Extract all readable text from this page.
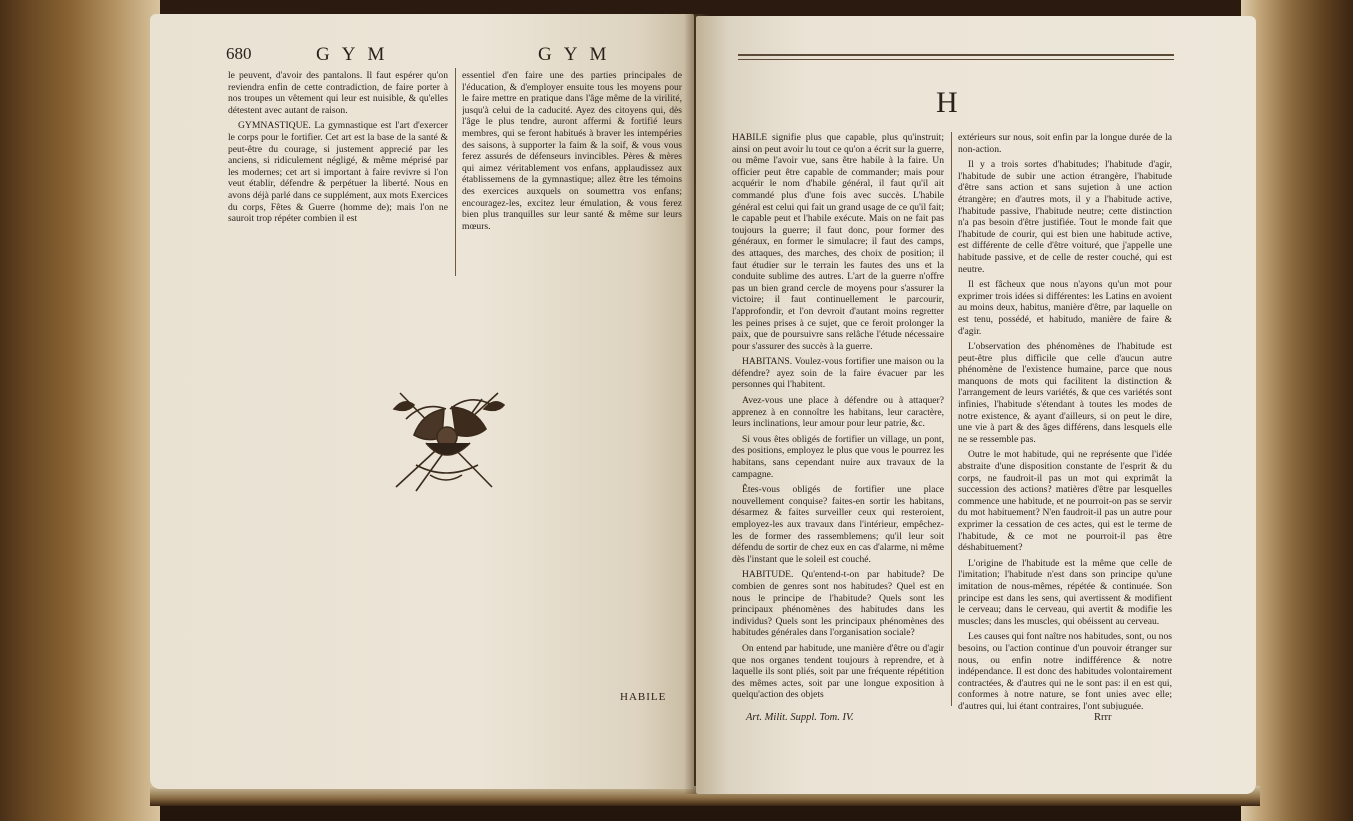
680	G Y M	G Y M

le peuvent, d'avoir des pantalons. Il faut espérer qu'on reviendra enfin de cette contradiction, de faire porter à nos troupes un vêtement qui leur est nuisible, & qu'elles détestent avec autant de raison.

GYMNASTIQUE. La gymnastique est l'art d'exercer le corps pour le fortifier. Cet art est la base de la santé & peut-être du courage, si justement apprecié par les anciens, si ridiculement négligé, & même méprisé par les modernes; cet art si important à faire revivre si l'on veut établir, défendre & perpétuer la liberté. Nous en avons déjà parlé dans ce supplément, aux mots Exercices du corps, Fêtes & Guerre (homme de); mais l'on ne sauroit trop répéter combien il est

essentiel d'en faire une des parties principales de l'éducation, & d'employer ensuite tous les moyens pour le faire mettre en pratique dans l'âge même de la virilité, jusqu'à celui de la caducité. Ayez des citoyens qui, dès l'âge le plus tendre, auront affermi & fortifié leurs membres, qui se feront habitués à braver les intempéries des saisons, à supporter la faim & la soif, & vous vous ferez assurés de défenseurs invincibles. Pères & mères qui aimez véritablement vos enfans, applaudissez aux établissemens de la gymnastique; allez être les témoins des exercices auxquels on soumettra vos enfans; encouragez-les, excitez leur émulation, & vous ferez bien plus tranquilles sur leur santé & même sur leurs mœurs.

HABILE
H

HABILE signifie plus que capable, plus qu'instruit; ainsi on peut avoir lu tout ce qu'on a écrit sur la guerre, ou même l'avoir vue, sans être habile à la faire. Un officier peut être capable de commander; mais pour acquérir le nom d'habile général, il faut qu'il ait commandé plus d'une fois avec succès. L'habile général est celui qui fait un grand usage de ce qu'il fait; le capable peut et l'habile exécute. Mais on ne fait pas toujours la guerre; il faut donc, pour former des généraux, en former le simulacre; il faut des camps, des attaques, des marches, des choix de position; il faut étudier sur le terrain les fautes des uns et la conduite sublime des autres. L'art de la guerre n'offre pas un bien grand cercle de moyens pour s'assurer la victoire; il faut continuellement le parcourir, l'approfondir, et l'on devroit d'autant moins regretter les peines prises à ce sujet, que ce feroit prolonger la paix, que de poursuivre sans relâche l'étude nécessaire pour s'assurer des succès à la guerre.

HABITANS. Voulez-vous fortifier une maison ou la défendre? ayez soin de la faire évacuer par les personnes qui l'habitent.

Avez-vous une place à défendre ou à attaquer? apprenez à en connoître les habitans, leur caractère, leurs inclinations, leur amour pour leur patrie, &c.

Si vous êtes obligés de fortifier un village, un pont, des positions, employez le plus que vous le pourrez les habitans, sans cependant nuire aux travaux de la campagne.

Êtes-vous obligés de fortifier une place nouvellement conquise? faites-en sortir les habitans, désarmez & faites surveiller ceux qui resteroient, employez-les aux travaux dans l'intérieur, empêchez-les de former des rassemblemens; qu'il leur soit défendu de sortir de chez eux en cas d'alarme, ni même dès l'instant que le soleil est couché.

HABITUDE. Qu'entend-t-on par habitude? De combien de genres sont nos habitudes? Quel est en nous le principe de l'habitude? Quels sont les principaux phénomènes des habitudes dans les individus? Quels sont les principaux phénomènes des habitudes générales dans l'organisation sociale?

On entend par habitude, une manière d'être ou d'agir que nos organes tendent toujours à reprendre, et à laquelle ils sont pliés, soit par une fréquente répétition des mêmes actes, soit par une longue exposition à quelqu'action des objets

extérieurs sur nous, soit enfin par la longue durée de la non-action.

Il y a trois sortes d'habitudes; l'habitude d'agir, l'habitude de subir une action étrangère, l'habitude d'être sans action et sans sujetion à une action étrangère; en d'autres mots, il y a l'habitude active, l'habitude passive, l'habitude neutre; cette distinction n'a pas besoin d'être justifiée. Tout le monde fait que l'habitude de courir, qui est bien une habitude active, est différente de celle d'être voituré, que j'appelle une habitude passive, et de celle de rester couché, qui est neutre.

Il est fâcheux que nous n'ayons qu'un mot pour exprimer trois idées si différentes: les Latins en avoient au moins deux, habitus, manière d'être, par laquelle on est tenu, possédé, et habitudo, manière de faire & d'agir.

L'observation des phénomènes de l'habitude est peut-être plus difficile que celle d'aucun autre phénomène de l'existence humaine, parce que nous manquons de mots qui facilitent la distinction & l'arrangement de leurs variétés, & que ces variétés sont infinies, l'habitude s'étendant à toutes les modes de notre existence, & ayant d'ailleurs, si on peut le dire, une vie à part & des âges différens, dans lesquels elle ne se ressemble pas.

Outre le mot habitude, qui ne représente que l'idée abstraite d'une disposition constante de l'esprit & du corps, ne faudroit-il pas un mot qui exprimât la succession des actions? matières d'être par lesquelles commence une habitude, et ne pourroit-on pas se servir du mot habituement? N'en faudroit-il pas un autre pour exprimer la cessation de ces actes, qui est le terme de l'habitude, & ce mot ne pourroit-il pas être déshabituement?

L'origine de l'habitude est la même que celle de l'imitation; l'habitude n'est dans son principe qu'une imitation de nous-mêmes, répétée & continuée. Son principe est dans les sens, qui avertissent & modifient le cerveau; dans le cerveau, qui avertit & modifie les muscles; dans les muscles, qui obéissent au cerveau.

Les causes qui font naître nos habitudes, sont, ou nos besoins, ou l'action continue d'un pouvoir étranger sur nous, ou enfin notre indifférence & notre indépendance. Il est donc des habitudes volontairement contractées, & d'autres qui ne le sont pas: il en est qui, conformes à notre nature, se font unies avec elle; d'autres qui, lui étant contraires, l'ont subjuguée.

Art. Milit. Suppl. Tom. IV.	Rrrr
